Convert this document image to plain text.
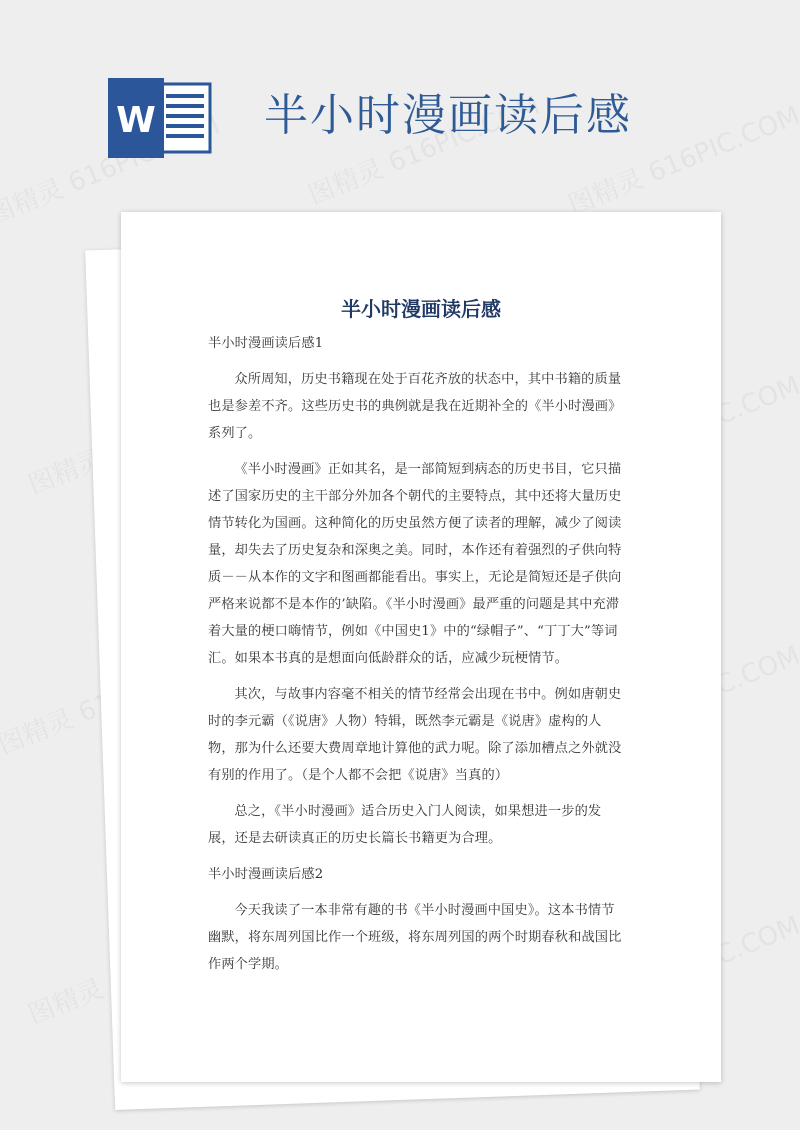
W 半小时漫画读后感
半小时漫画读后感

半小时漫画读后感1

众所周知，历史书籍现在处于百花齐放的状态中，其中书籍的质量也是参差不齐。这些历史书的典例就是我在近期补全的《半小时漫画》系列了。

《半小时漫画》正如其名，是一部简短到病态的历史书目，它只描述了国家历史的主干部分外加各个朝代的主要特点，其中还将大量历史情节转化为国画。这种简化的历史虽然方便了读者的理解，减少了阅读量，却失去了历史复杂和深奥之美。同时，本作还有着强烈的孑供向特质－－从本作的文字和图画都能看出。事实上，无论是简短还是孑供向严格来说都不是本作的’缺陷。《半小时漫画》最严重的问题是其中充滞着大量的梗口嗨情节，例如《中国史1》中的“绿帽子”、“丁丁大”等词汇。如果本书真的是想面向低龄群众的话，应减少玩梗情节。

其次，与故事内容毫不相关的情节经常会出现在书中。例如唐朝史时的李元霸（《说唐》人物）特辑，既然李元霸是《说唐》虚构的人物，那为什么还要大费周章地计算他的武力呢。除了添加槽点之外就没有别的作用了。（是个人都不会把《说唐》当真的）

总之，《半小时漫画》适合历史入门人阅读，如果想进一步的发展，还是去研读真正的历史长篇长书籍更为合理。

半小时漫画读后感2

今天我读了一本非常有趣的书《半小时漫画中国史》。这本书情节幽默，将东周列国比作一个班级，将东周列国的两个时期春秋和战国比作两个学期。
